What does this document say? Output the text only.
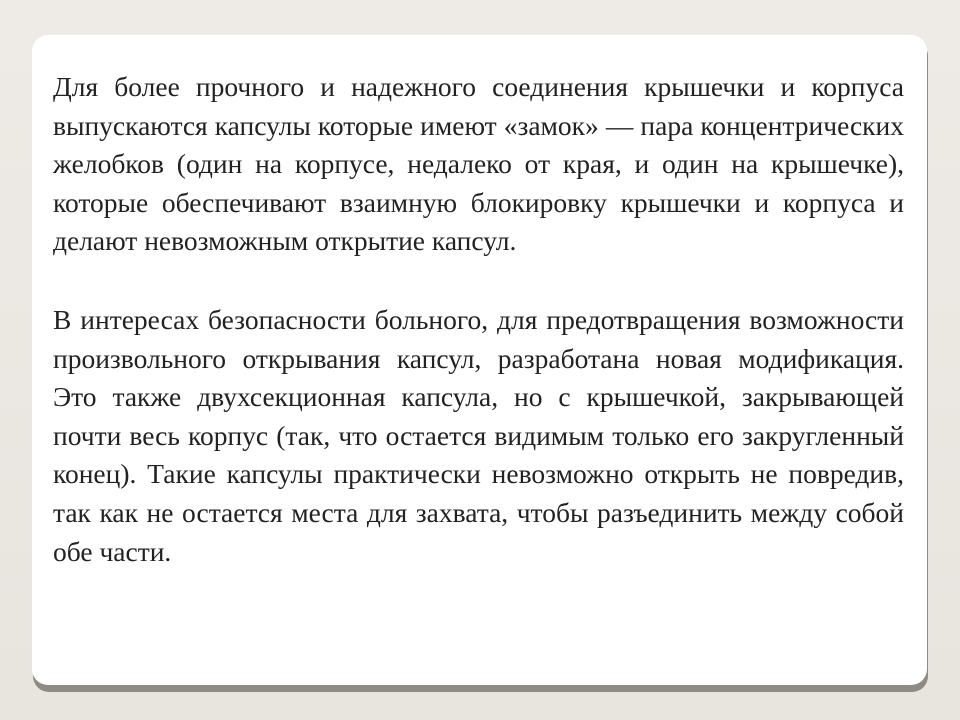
Для более прочного и надежного соединения крышечки и корпуса выпускаются капсулы которые имеют «замок» — пара концентрических желобков (один на корпусе, недалеко от края, и один на крышечке), которые обеспечивают взаимную блокировку крышечки и корпуса и делают невозможным открытие капсул.

В интересах безопасности больного, для предотвращения возможности произвольного открывания капсул, разработана новая модификация. Это также двухсекционная капсула, но с крышечкой, закрывающей почти весь корпус (так, что остается видимым только его закругленный конец). Такие капсулы практически невозможно открыть не повредив, так как не остается места для захвата, чтобы разъединить между собой обе части.
